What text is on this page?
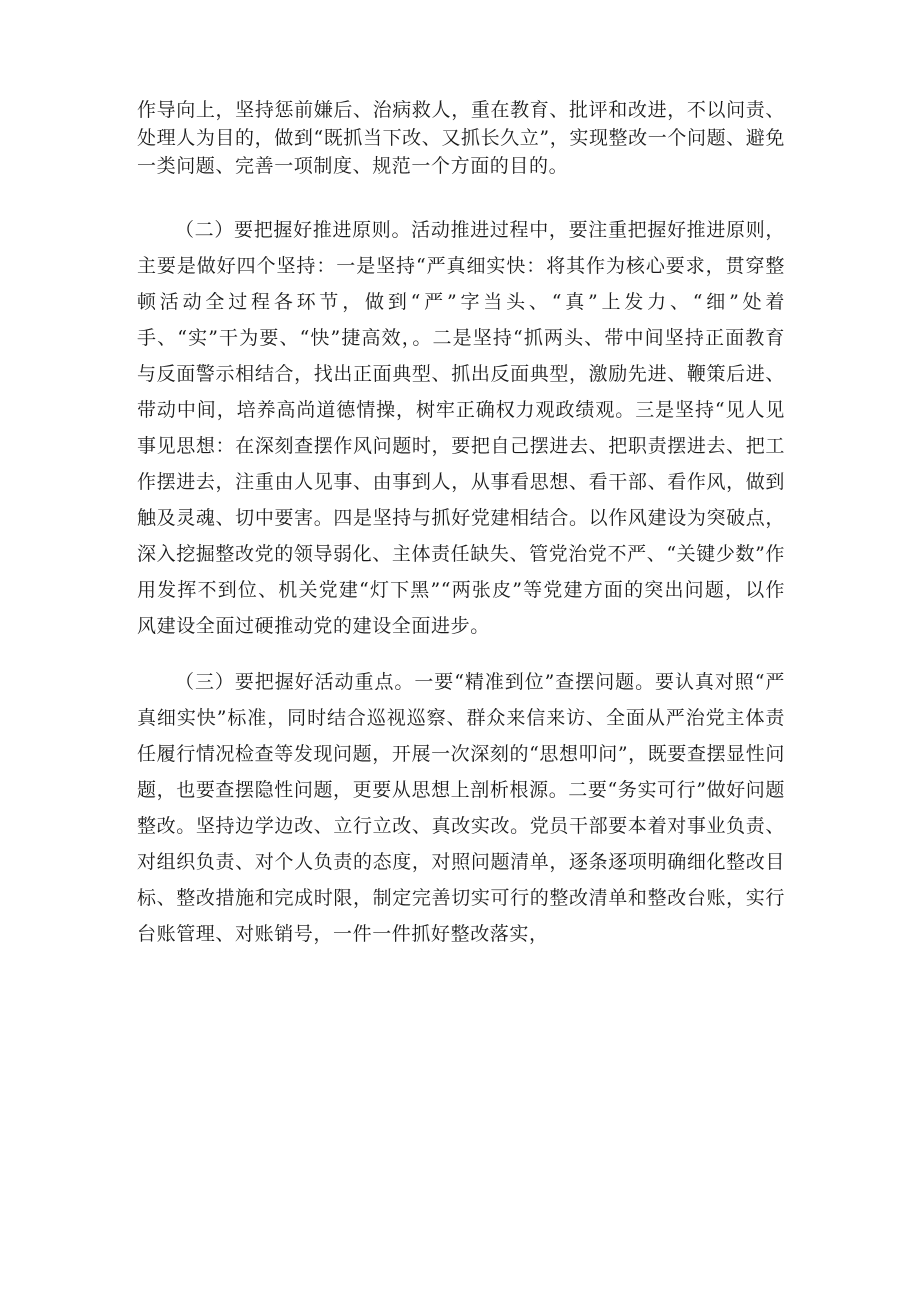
作导向上，坚持惩前嫌后、治病救人，重在教育、批评和改进，不以问责、处理人为目的，做到“既抓当下改、又抓长久立”，实现整改一个问题、避免一类问题、完善一项制度、规范一个方面的目的。

（二）要把握好推进原则。活动推进过程中，要注重把握好推进原则，主要是做好四个坚持：一是坚持“严真细实快：将其作为核心要求，贯穿整顿活动全过程各环节，做到“严”字当头、“真”上发力、“细”处着手、“实”干为要、“快”捷高效，。二是坚持“抓两头、带中间坚持正面教育与反面警示相结合，找出正面典型、抓出反面典型，激励先进、鞭策后进、带动中间，培养高尚道德情操，树牢正确权力观政绩观。三是坚持“见人见事见思想：在深刻查摆作风问题时，要把自己摆进去、把职责摆进去、把工作摆进去，注重由人见事、由事到人，从事看思想、看干部、看作风，做到触及灵魂、切中要害。四是坚持与抓好党建相结合。以作风建设为突破点，深入挖掘整改党的领导弱化、主体责任缺失、管党治党不严、“关键少数”作用发挥不到位、机关党建“灯下黑”“两张皮”等党建方面的突出问题，以作风建设全面过硬推动党的建设全面进步。

（三）要把握好活动重点。一要“精准到位”查摆问题。要认真对照“严真细实快”标准，同时结合巡视巡察、群众来信来访、全面从严治党主体责任履行情况检查等发现问题，开展一次深刻的“思想叩问”，既要查摆显性问题，也要查摆隐性问题，更要从思想上剖析根源。二要“务实可行”做好问题整改。坚持边学边改、立行立改、真改实改。党员干部要本着对事业负责、对组织负责、对个人负责的态度，对照问题清单，逐条逐项明确细化整改目标、整改措施和完成时限，制定完善切实可行的整改清单和整改台账，实行台账管理、对账销号，一件一件抓好整改落实，
